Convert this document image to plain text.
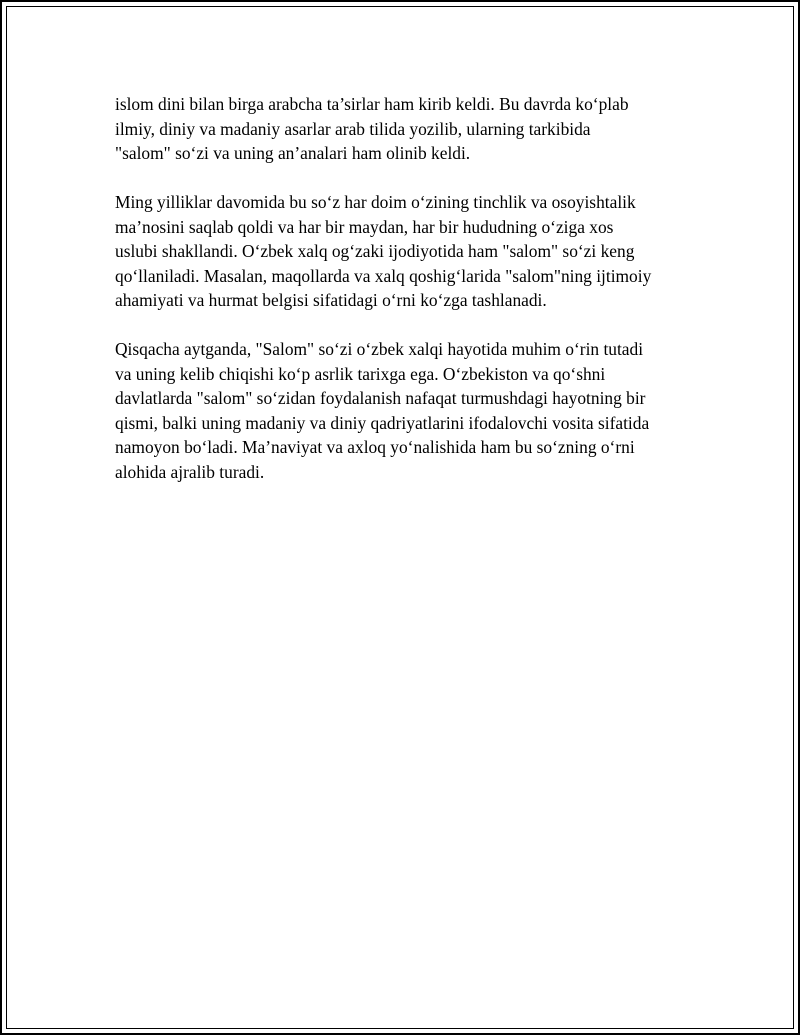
islom dini bilan birga arabcha ta’sirlar ham kirib keldi. Bu davrda ko‘plab
ilmiy, diniy va madaniy asarlar arab tilida yozilib, ularning tarkibida
"salom" so‘zi va uning an’analari ham olinib keldi.

Ming yilliklar davomida bu so‘z har doim o‘zining tinchlik va osoyishtalik
ma’nosini saqlab qoldi va har bir maydan, har bir hududning o‘ziga xos
uslubi shakllandi. O‘zbek xalq og‘zaki ijodiyotida ham "salom" so‘zi keng
qo‘llaniladi. Masalan, maqollarda va xalq qoshig‘larida "salom"ning ijtimoiy
ahamiyati va hurmat belgisi sifatidagi o‘rni ko‘zga tashlanadi.

Qisqacha aytganda, "Salom" so‘zi o‘zbek xalqi hayotida muhim o‘rin tutadi
va uning kelib chiqishi ko‘p asrlik tarixga ega. O‘zbekiston va qo‘shni
davlatlarda "salom" so‘zidan foydalanish nafaqat turmushdagi hayotning bir
qismi, balki uning madaniy va diniy qadriyatlarini ifodalovchi vosita sifatida
namoyon bo‘ladi. Ma’naviyat va axloq yo‘nalishida ham bu so‘zning o‘rni
alohida ajralib turadi.
